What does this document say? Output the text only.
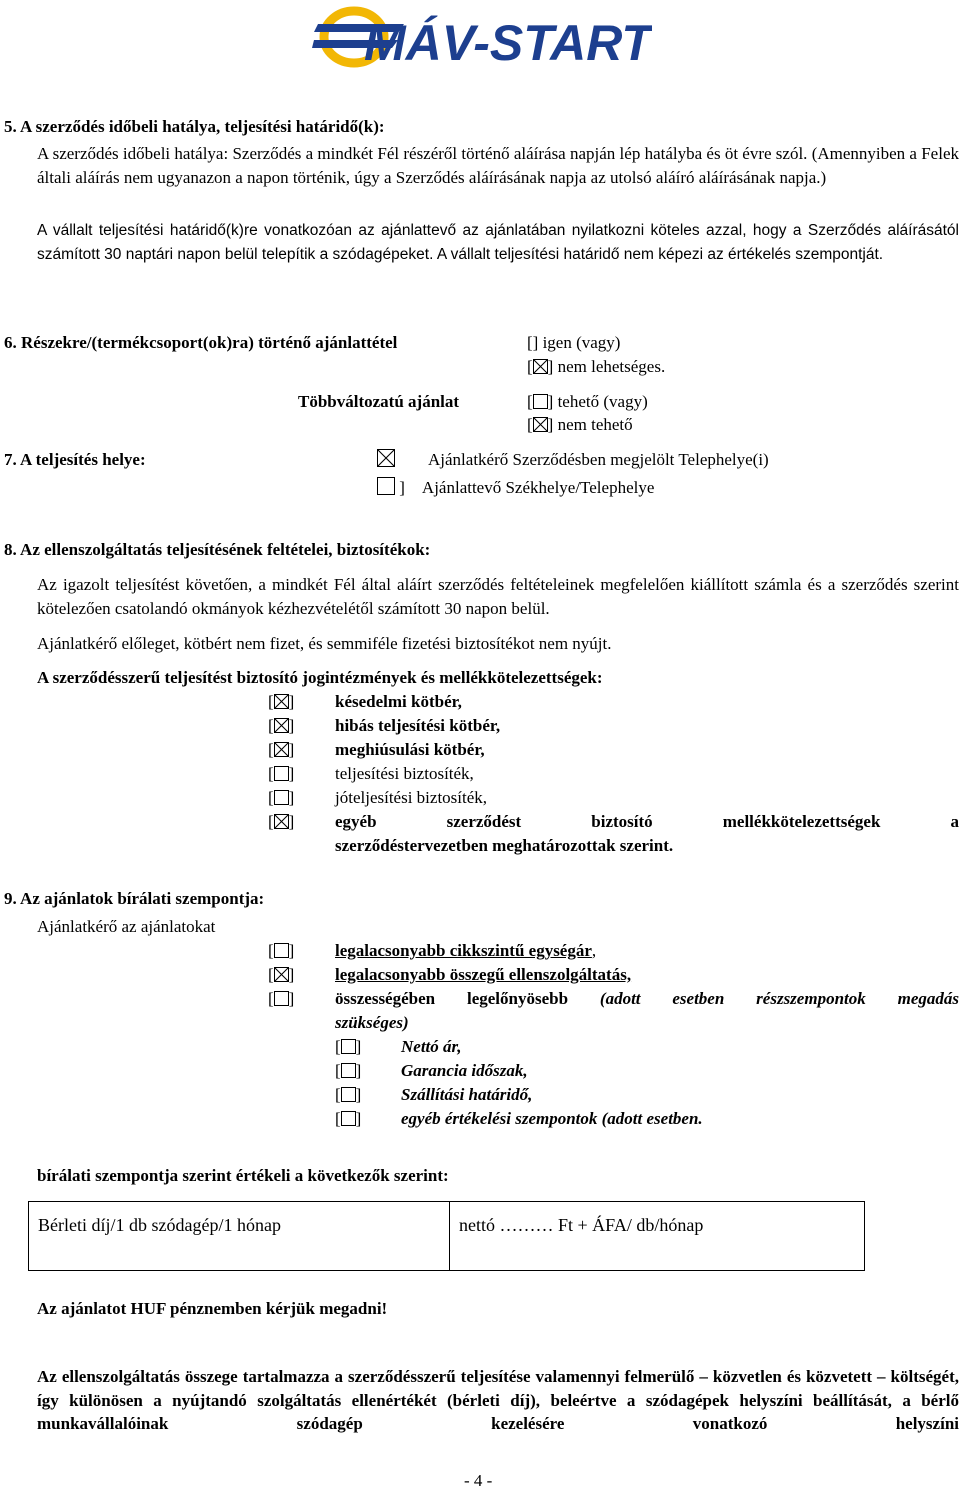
MÁV-START
5. A szerződés időbeli hatálya, teljesítési határidő(k):
A szerződés időbeli hatálya: Szerződés a mindkét Fél részéről történő aláírása napján lép hatályba és öt évre szól. (Amennyiben a Felek általi aláírás nem ugyanazon a napon történik, úgy a Szerződés aláírásának napja az utolsó aláíró aláírásának napja.)
A vállalt teljesítési határidő(k)re vonatkozóan az ajánlattevő az ajánlatában nyilatkozni köteles azzal, hogy a Szerződés aláírásától számított 30 naptári napon belül telepítik a szódagépeket. A vállalt teljesítési határidő nem képezi az értékelés szempontját.
6. Részekre/(termékcsoport(ok)ra) történő ajánlattétel	[] igen (vagy)
[ ] nem lehetséges.
Többváltozatú ajánlat	[ ] tehető (vagy)
[ ] nem tehető
7. A teljesítés helye:	Ajánlatkérő Szerződésben megjelölt Telephelye(i)
] Ajánlattevő Székhelye/Telephelye
8. Az ellenszolgáltatás teljesítésének feltételei, biztosítékok:
Az igazolt teljesítést követően, a mindkét Fél által aláírt szerződés feltételeinek megfelelően kiállított számla és a szerződés szerint kötelezően csatolandó okmányok kézhezvételétől számított 30 napon belül.
Ajánlatkérő előleget, kötbért nem fizet, és semmiféle fizetési biztosítékot nem nyújt.
A szerződésszerű teljesítést biztosító jogintézmények és mellékkötelezettségek:
[ ] késedelmi kötbér,
[ ] hibás teljesítési kötbér,
[ ] meghiúsulási kötbér,
[ ] teljesítési biztosíték,
[ ] jóteljesítési biztosíték,
[ ] egyéb szerződést biztosító mellékkötelezettségek a
szerződéstervezetben meghatározottak szerint.
9. Az ajánlatok bírálati szempontja:
Ajánlatkérő az ajánlatokat
[ ] legalacsonyabb cikkszintű egységár,
[ ] legalacsonyabb összegű ellenszolgáltatás,
[ ] összességében legelőnyösebb (adott esetben részszempontok megadás
szükséges)
[ ] Nettó ár,
[ ] Garancia időszak,
[ ] Szállítási határidő,
[ ] egyéb értékelési szempontok (adott esetben.
bírálati szempontja szerint értékeli a következők szerint:
Bérleti díj/1 db szódagép/1 hónap	nettó ……… Ft + ÁFA/ db/hónap
Az ajánlatot HUF pénznemben kérjük megadni!
Az ellenszolgáltatás összege tartalmazza a szerződésszerű teljesítése valamennyi felmerülő – közvetlen és közvetett – költségét, így különösen a nyújtandó szolgáltatás ellenértékét (bérleti díj), beleértve a szódagépek helyszíni beállítását, a bérlő munkavállalóinak szódagép kezelésére vonatkozó helyszíni
- 4 -
